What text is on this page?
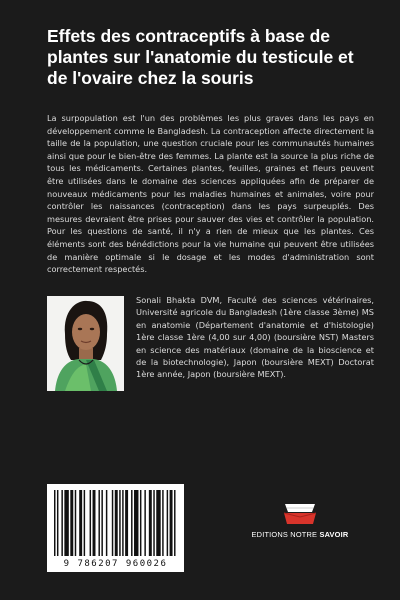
Effets des contraceptifs à base de plantes sur l'anatomie du testicule et de l'ovaire chez la souris

La surpopulation est l'un des problèmes les plus graves dans les pays en développement comme le Bangladesh. La contraception affecte directement la taille de la population, une question cruciale pour les communautés humaines ainsi que pour le bien-être des femmes. La plante est la source la plus riche de tous les médicaments. Certaines plantes, feuilles, graines et fleurs peuvent être utilisées dans le domaine des sciences appliquées afin de préparer de nouveaux médicaments pour les maladies humaines et animales, voire pour contrôler les naissances (contraception) dans les pays surpeuplés. Des mesures devraient être prises pour sauver des vies et contrôler la population. Pour les questions de santé, il n'y a rien de mieux que les plantes. Ces éléments sont des bénédictions pour la vie humaine qui peuvent être utilisées de manière optimale si le dosage et les modes d'administration sont correctement respectés.

Sonali Bhakta DVM, Faculté des sciences vétérinaires, Université agricole du Bangladesh (1ère classe 3ème) MS en anatomie (Département d'anatomie et d'histologie) 1ère classe 1ère (4,00 sur 4,00) (boursière NST) Masters en science des matériaux (domaine de la bioscience et de la biotechnologie), Japon (boursière MEXT) Doctorat 1ère année, Japon (boursière MEXT).

9 786207 960026
EDITIONS NOTRE SAVOIR
